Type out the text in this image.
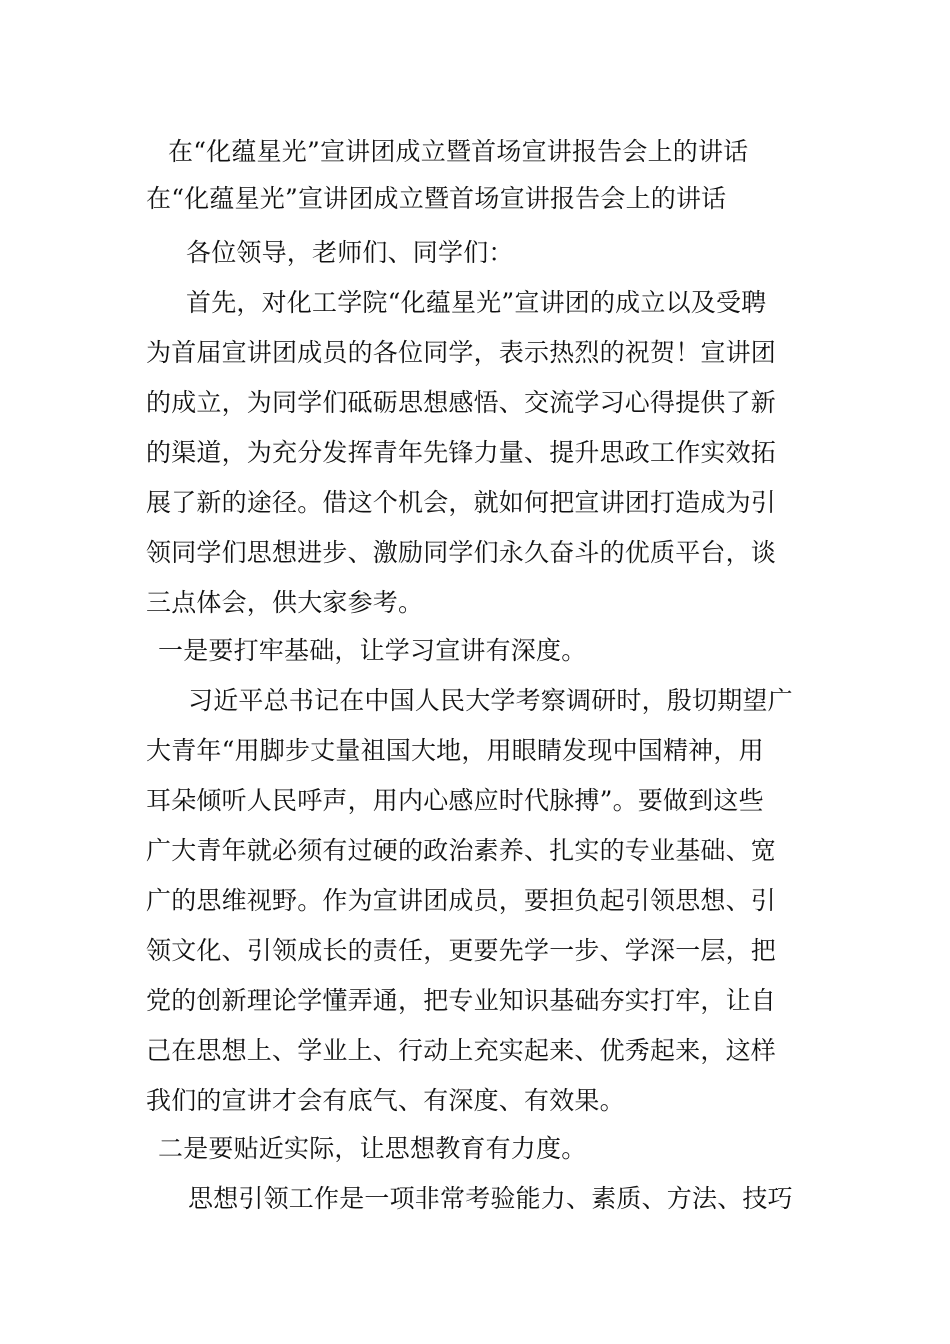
在“化蕴星光”宣讲团成立暨首场宣讲报告会上的讲话
在“化蕴星光”宣讲团成立暨首场宣讲报告会上的讲话
各位领导，老师们、同学们：
首先，对化工学院“化蕴星光”宣讲团的成立以及受聘
为首届宣讲团成员的各位同学，表示热烈的祝贺！宣讲团
的成立，为同学们砥砺思想感悟、交流学习心得提供了新
的渠道，为充分发挥青年先锋力量、提升思政工作实效拓
展了新的途径。借这个机会，就如何把宣讲团打造成为引
领同学们思想进步、激励同学们永久奋斗的优质平台，谈
三点体会，供大家参考。
一是要打牢基础，让学习宣讲有深度。
习近平总书记在中国人民大学考察调研时，殷切期望广
大青年“用脚步丈量祖国大地，用眼睛发现中国精神，用
耳朵倾听人民呼声，用内心感应时代脉搏”。要做到这些
广大青年就必须有过硬的政治素养、扎实的专业基础、宽
广的思维视野。作为宣讲团成员，要担负起引领思想、引
领文化、引领成长的责任，更要先学一步、学深一层，把
党的创新理论学懂弄通，把专业知识基础夯实打牢，让自
己在思想上、学业上、行动上充实起来、优秀起来，这样
我们的宣讲才会有底气、有深度、有效果。
二是要贴近实际，让思想教育有力度。
思想引领工作是一项非常考验能力、素质、方法、技巧
